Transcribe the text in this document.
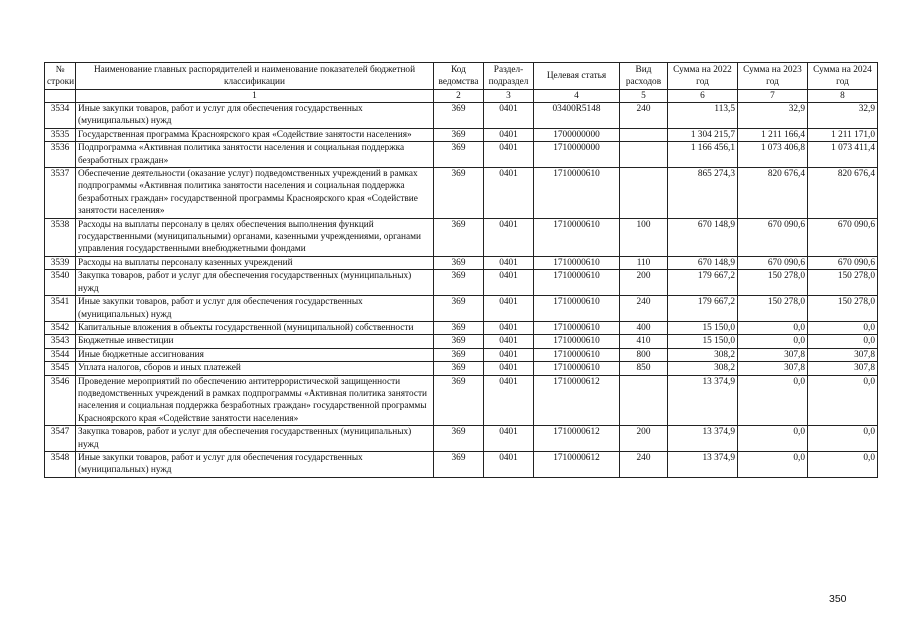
№ строки	Наименование главных распорядителей и наименование показателей бюджетной классификации	Код ведомства	Раздел-подраздел	Целевая статья	Вид расходов	Сумма на 2022 год	Сумма на 2023 год	Сумма на 2024 год
	1	2	3	4	5	6	7	8
3534	Иные закупки товаров, работ и услуг для обеспечения государственных (муниципальных) нужд	369	0401	03400R5148	240	113,5	32,9	32,9
3535	Государственная программа Красноярского края «Содействие занятости населения»	369	0401	1700000000		1 304 215,7	1 211 166,4	1 211 171,0
3536	Подпрограмма «Активная политика занятости населения и социальная поддержка безработных граждан»	369	0401	1710000000		1 166 456,1	1 073 406,8	1 073 411,4
3537	Обеспечение деятельности (оказание услуг) подведомственных учреждений в рамках подпрограммы «Активная политика занятости населения и социальная поддержка безработных граждан» государственной программы Красноярского края «Содействие занятости населения»	369	0401	1710000610		865 274,3	820 676,4	820 676,4
3538	Расходы на выплаты персоналу в целях обеспечения выполнения функций государственными (муниципальными) органами, казенными учреждениями, органами управления государственными внебюджетными фондами	369	0401	1710000610	100	670 148,9	670 090,6	670 090,6
3539	Расходы на выплаты персоналу казенных учреждений	369	0401	1710000610	110	670 148,9	670 090,6	670 090,6
3540	Закупка товаров, работ и услуг для обеспечения государственных (муниципальных) нужд	369	0401	1710000610	200	179 667,2	150 278,0	150 278,0
3541	Иные закупки товаров, работ и услуг для обеспечения государственных (муниципальных) нужд	369	0401	1710000610	240	179 667,2	150 278,0	150 278,0
3542	Капитальные вложения в объекты государственной (муниципальной) собственности	369	0401	1710000610	400	15 150,0	0,0	0,0
3543	Бюджетные инвестиции	369	0401	1710000610	410	15 150,0	0,0	0,0
3544	Иные бюджетные ассигнования	369	0401	1710000610	800	308,2	307,8	307,8
3545	Уплата налогов, сборов и иных платежей	369	0401	1710000610	850	308,2	307,8	307,8
3546	Проведение мероприятий по обеспечению антитеррористической защищенности подведомственных учреждений в рамках подпрограммы «Активная политика занятости населения и социальная поддержка безработных граждан» государственной программы Красноярского края «Содействие занятости населения»	369	0401	1710000612		13 374,9	0,0	0,0
3547	Закупка товаров, работ и услуг для обеспечения государственных (муниципальных) нужд	369	0401	1710000612	200	13 374,9	0,0	0,0
3548	Иные закупки товаров, работ и услуг для обеспечения государственных (муниципальных) нужд	369	0401	1710000612	240	13 374,9	0,0	0,0
350
